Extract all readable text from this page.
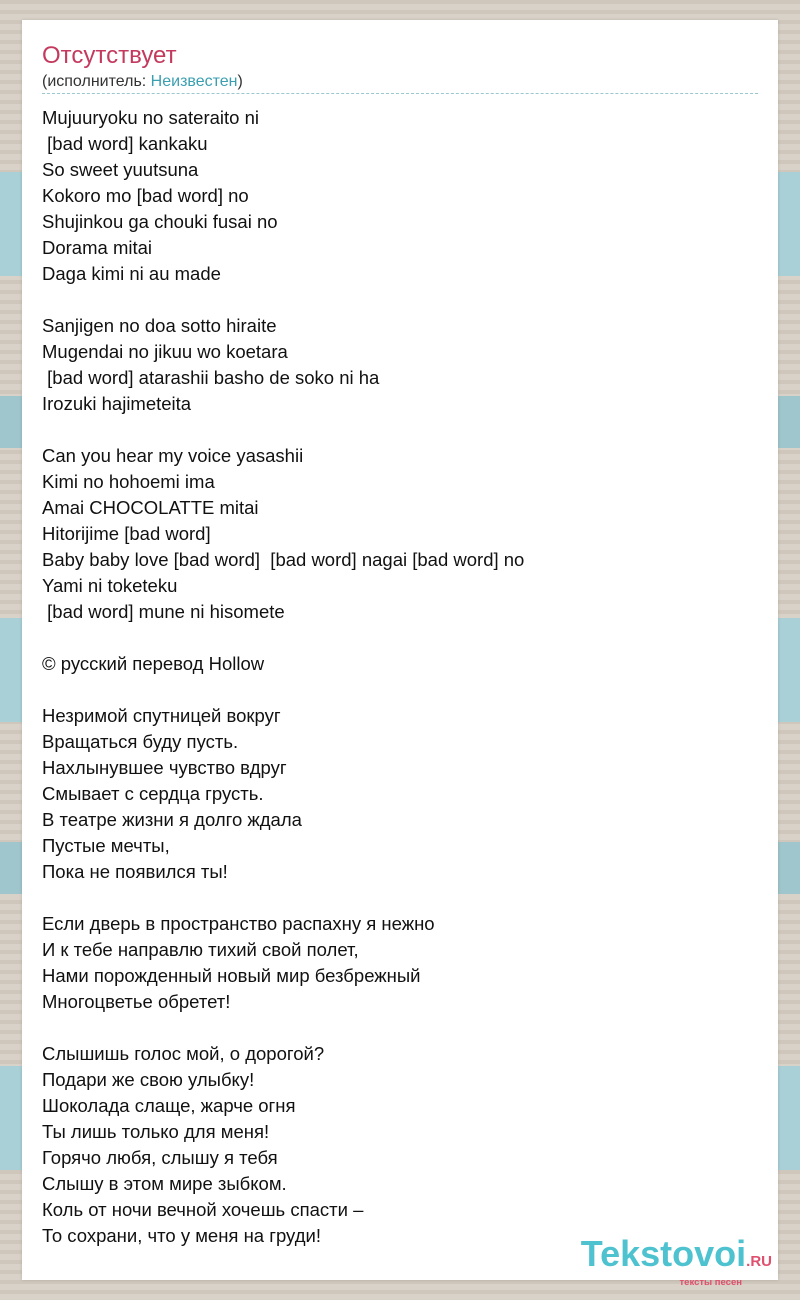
Отсутствует
(исполнитель: Неизвестен)
Mujuuryoku no sateraito ni
[bad word] kankaku
So sweet yuutsuna
Kokoro mo [bad word] no
Shujinkou ga chouki fusai no
Dorama mitai
Daga kimi ni au made
Sanjigen no doa sotto hiraite
Mugendai no jikuu wo koetara
[bad word] atarashii basho de soko ni ha
Irozuki hajimeteita
Can you hear my voice yasashii
Kimi no hohoemi ima
Amai CHOCOLATTE mitai
Hitorijime [bad word]
Baby baby love [bad word]  [bad word] nagai [bad word] no
Yami ni toketeku
[bad word] mune ni hisomete
© русский перевод Hollow
Незримой спутницей вокруг
Вращаться буду пусть.
Нахлынувшее чувство вдруг
Смывает с сердца грусть.
В театре жизни я долго ждала
Пустые мечты,
Пока не появился ты!
Если дверь в пространство распахну я нежно
И к тебе направлю тихий свой полет,
Нами порожденный новый мир безбрежный
Многоцветье обретет!
Слышишь голос мой, о дорогой?
Подари же свою улыбку!
Шоколада слаще, жарче огня
Ты лишь только для меня!
Горячо любя, слышу я тебя
Слышу в этом мире зыбком.
Коль от ночи вечной хочешь спасти –
То сохрани, что у меня на груди!	Tekstovoi.RU
тексты песен
